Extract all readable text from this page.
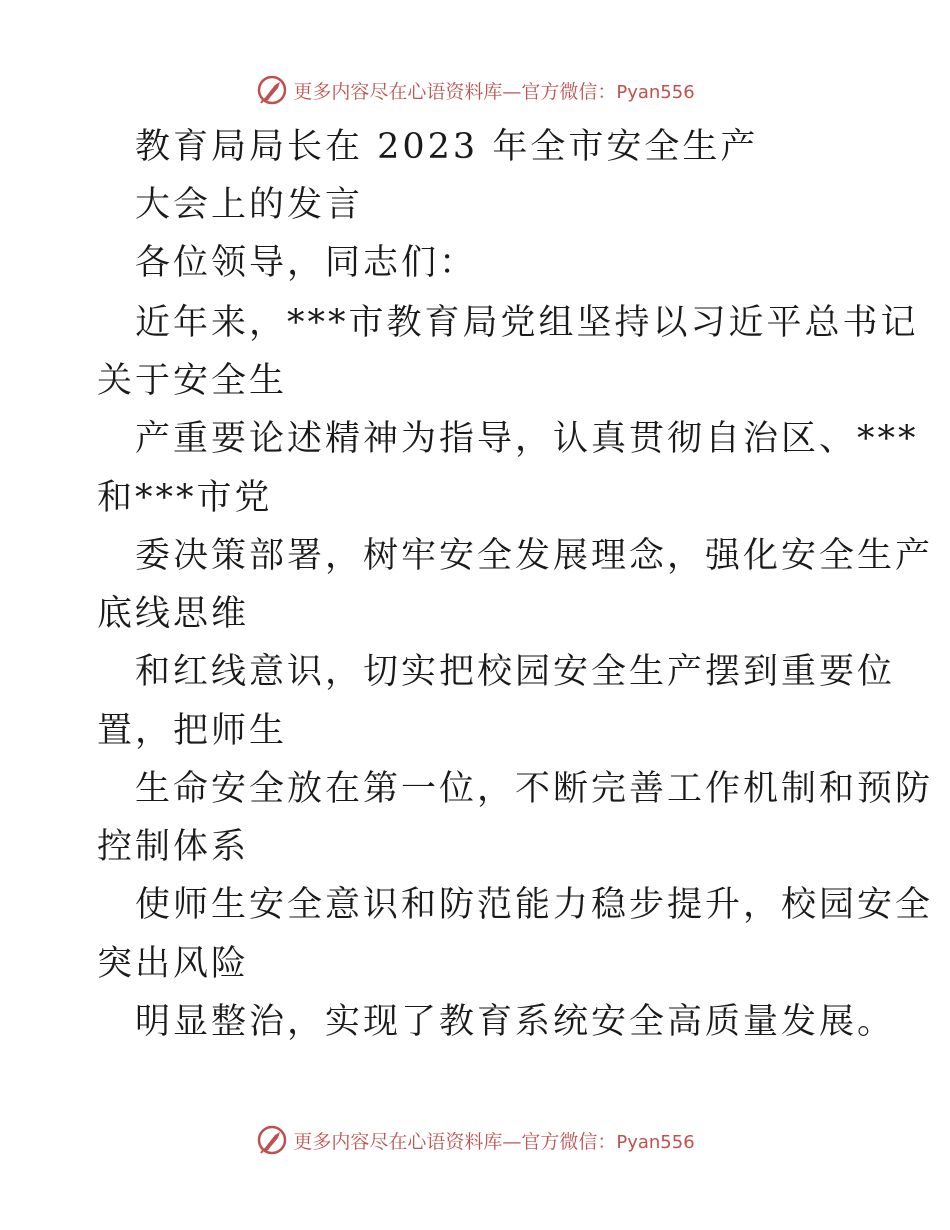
更多内容尽在心语资料库—官方微信：Pyan556
教育局局长在 2023 年全市安全生产
大会上的发言
各位领导，同志们：
近年来，***市教育局党组坚持以习近平总书记
关于安全生
产重要论述精神为指导，认真贯彻自治区、***
和***市党
委决策部署，树牢安全发展理念，强化安全生产
底线思维
和红线意识，切实把校园安全生产摆到重要位
置，把师生
生命安全放在第一位，不断完善工作机制和预防
控制体系
使师生安全意识和防范能力稳步提升，校园安全
突出风险
明显整治，实现了教育系统安全高质量发展。
更多内容尽在心语资料库—官方微信：Pyan556
